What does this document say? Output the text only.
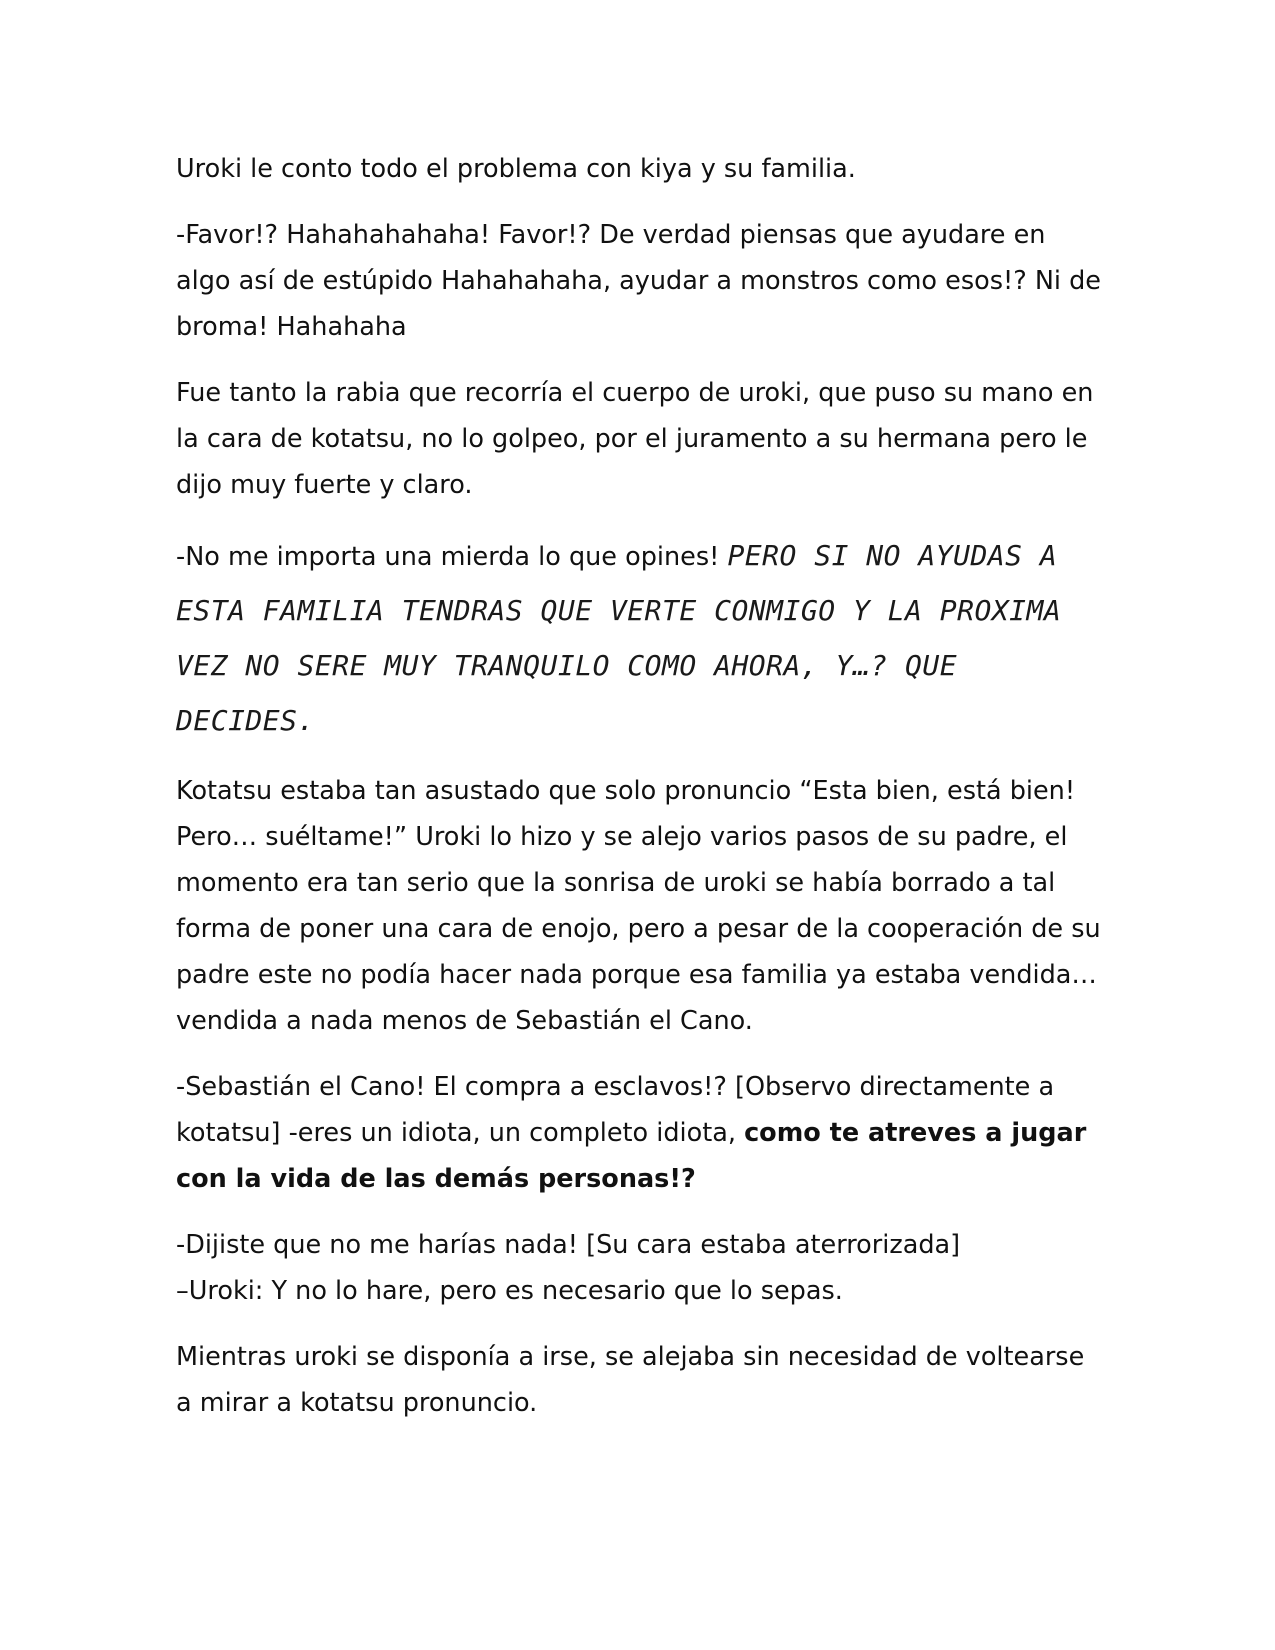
Uroki le conto todo el problema con kiya y su familia.

-Favor!? Hahahahahaha! Favor!? De verdad piensas que ayudare en algo así de estúpido Hahahahaha, ayudar a monstros como esos!? Ni de broma! Hahahaha

Fue tanto la rabia que recorría el cuerpo de uroki, que puso su mano en la cara de kotatsu, no lo golpeo, por el juramento a su hermana pero le dijo muy fuerte y claro.

-No me importa una mierda lo que opines! PERO SI NO AYUDAS A ESTA FAMILIA TENDRAS QUE VERTE CONMIGO Y LA PROXIMA VEZ NO SERE MUY TRANQUILO COMO AHORA, Y…? QUE DECIDES.

Kotatsu estaba tan asustado que solo pronuncio “Esta bien, está bien! Pero… suéltame!” Uroki lo hizo y se alejo varios pasos de su padre, el momento era tan serio que la sonrisa de uroki se había borrado a tal forma de poner una cara de enojo, pero a pesar de la cooperación de su padre este no podía hacer nada porque esa familia ya estaba vendida… vendida a nada menos de Sebastián el Cano.

-Sebastián el Cano! El compra a esclavos!? [Observo directamente a kotatsu] -eres un idiota, un completo idiota, como te atreves a jugar con la vida de las demás personas!?

-Dijiste que no me harías nada! [Su cara estaba aterrorizada]
–Uroki: Y no lo hare, pero es necesario que lo sepas.

Mientras uroki se disponía a irse, se alejaba sin necesidad de voltearse a mirar a kotatsu pronuncio.
